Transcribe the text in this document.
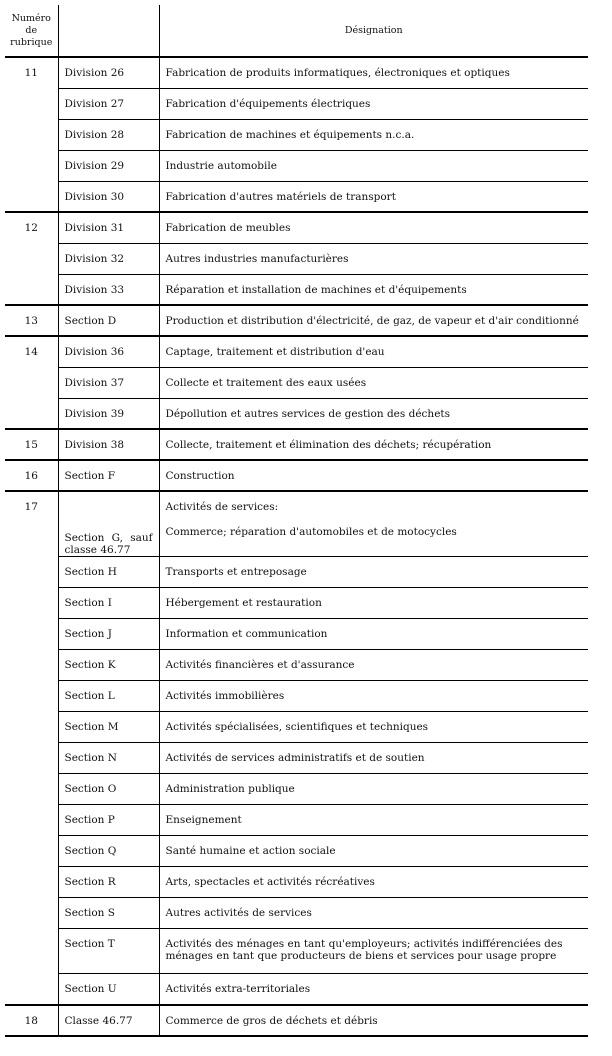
Numéro
de
rubrique		Désignation
11	Division 26	Fabrication de produits informatiques, électroniques et optiques
	Division 27	Fabrication d'équipements électriques
	Division 28	Fabrication de machines et équipements n.c.a.
	Division 29	Industrie automobile
	Division 30	Fabrication d'autres matériels de transport
12	Division 31	Fabrication de meubles
	Division 32	Autres industries manufacturières
	Division 33	Réparation et installation de machines et d'équipements
13	Section D	Production et distribution d'électricité, de gaz, de vapeur et d'air conditionné
14	Division 36	Captage, traitement et distribution d'eau
	Division 37	Collecte et traitement des eaux usées
	Division 39	Dépollution et autres services de gestion des déchets
15	Division 38	Collecte, traitement et élimination des déchets; récupération
16	Section F	Construction
17	Section G, sauf classe 46.77	Activités de services:
Commerce; réparation d'automobiles et de motocycles

	Section H	Transports et entreposage
	Section I	Hébergement et restauration
	Section J	Information et communication
	Section K	Activités financières et d'assurance
	Section L	Activités immobilières
	Section M	Activités spécialisées, scientifiques et techniques
	Section N	Activités de services administratifs et de soutien
	Section O	Administration publique
	Section P	Enseignement
	Section Q	Santé humaine et action sociale
	Section R	Arts, spectacles et activités récréatives
	Section S	Autres activités de services
	Section T	Activités des ménages en tant qu'employeurs; activités indifférenciées des ménages en tant que producteurs de biens et services pour usage propre
	Section U	Activités extra-territoriales
18	Classe 46.77	Commerce de gros de déchets et débris
